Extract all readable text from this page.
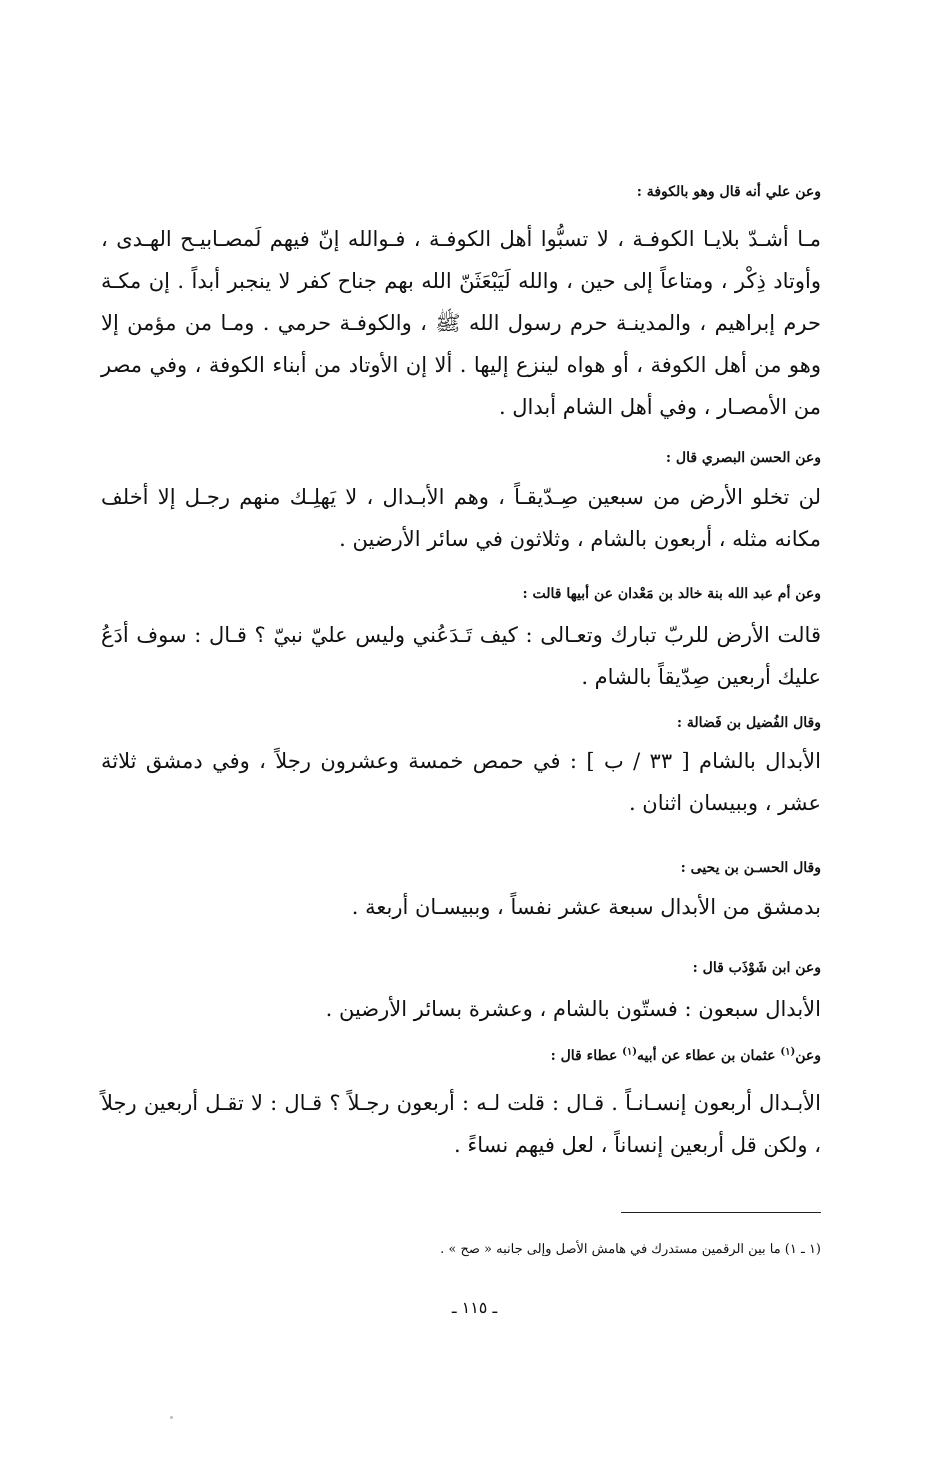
وعن علي أنه قال وهو بالكوفة :

مـا أشـدّ بلايـا الكوفـة ، لا تسبُّوا أهل الكوفـة ، فـوالله إنّ فيهم لَمصـابيـح الهـدى ، وأوتاد ذِكْر ، ومتاعاً إلى حين ، والله لَيَبْعَثَنّ الله بهم جناح كفر لا ينجبر أبداً . إن مكـة حرم إبراهيم ، والمدينـة حرم رسول الله ﷺ ، والكوفـة حرمي . ومـا من مؤمن إلا وهو من أهل الكوفة ، أو هواه لينزع إليها . ألا إن الأوتاد من أبناء الكوفة ، وفي مصر من الأمصـار ، وفي أهل الشام أبدال .

وعن الحسن البصري قال :

لن تخلو الأرض من سبعين صِـدّيقـاً ، وهم الأبـدال ، لا يَهلِـك منهم رجـل إلا أخلف مكانه مثله ، أربعون بالشام ، وثلاثون في سائر الأرضين .

وعن أم عبد الله بنة خالد بن مَعْدان عن أبيها قالت :

قالت الأرض للربّ تبارك وتعـالى : كيف تَـدَعُني وليس عليّ نبيّ ؟ قـال : سوف أدَعُ عليك أربعين صِدّيقاً بالشام .

وقال الفُضيل بن فَضالة :

الأبدال بالشام [ ٣٣ / ب ] : في حمص خمسة وعشرون رجلاً ، وفي دمشق ثلاثة عشر ، وببيسان اثنان .

وقال الحسـن بن يحيى :

بدمشق من الأبدال سبعة عشر نفساً ، وببيسـان أربعة .

وعن ابن شَوْذَب قال :

الأبدال سبعون : فستّون بالشام ، وعشرة بسائر الأرضين .

وعن$^{(١)}$ عثمان بن عطاء عن أبيه$^{(١)}$ عطاء قال :

الأبـدال أربعون إنسـانـاً . قـال : قلت لـه : أربعون رجـلاً ؟ قـال : لا تقـل أربعين رجلاً ، ولكن قل أربعين إنساناً ، لعل فيهم نساءً .

(١ ـ ١) ما بين الرقمين مستدرك في هامش الأصل وإلى جانبه « صح » .
ـ ١١٥ ـ
